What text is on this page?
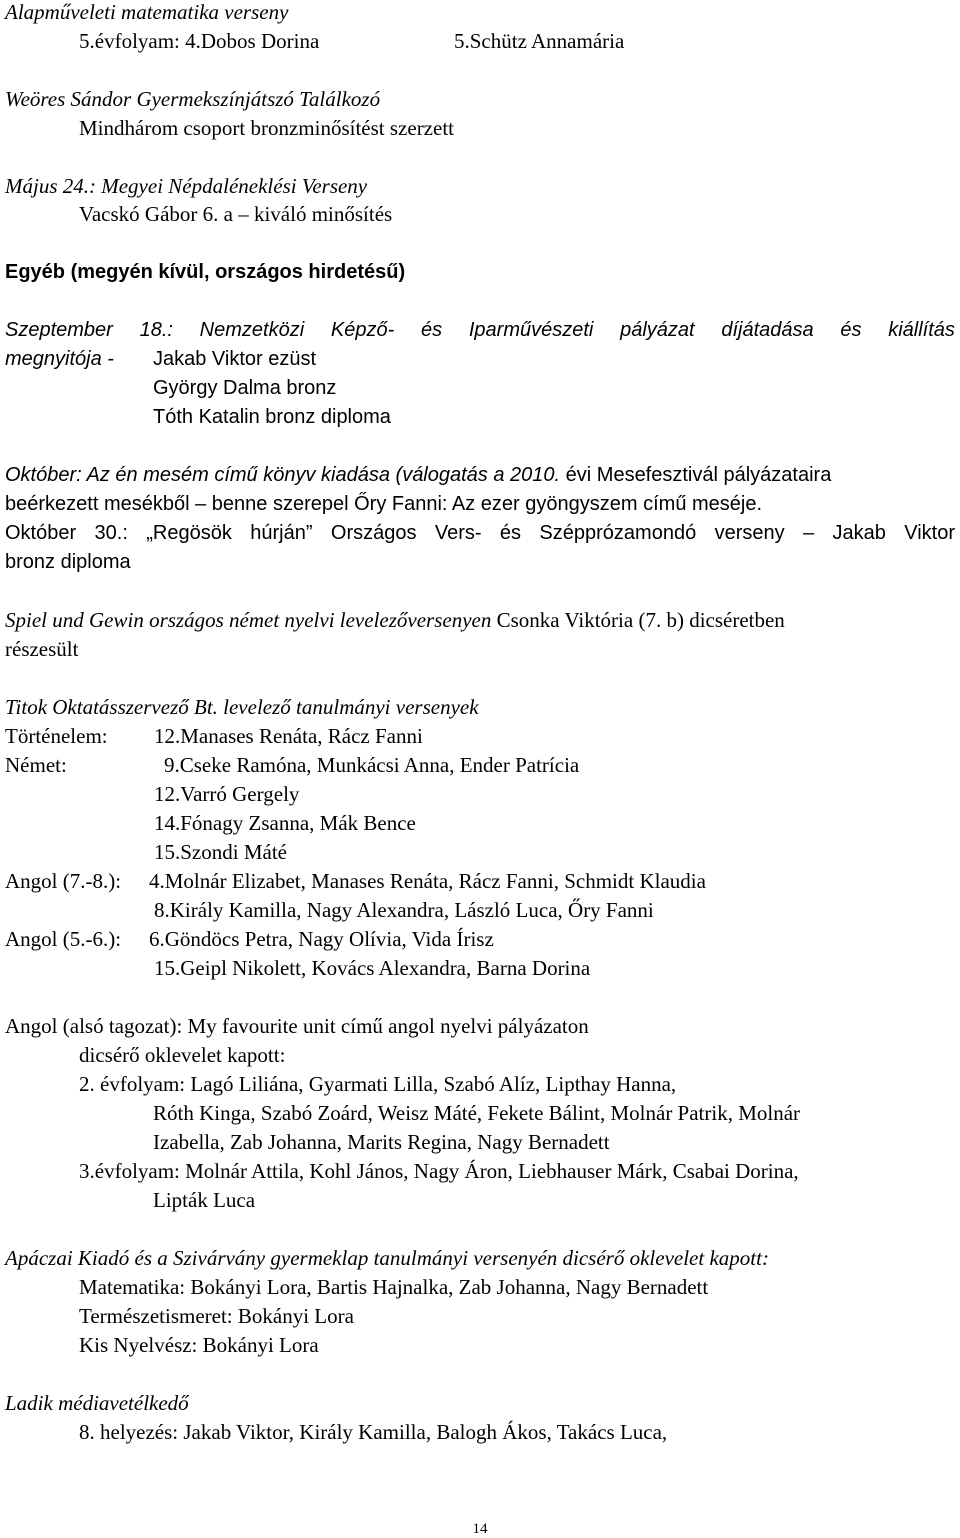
Alapműveleti matematika verseny
5.évfolyam: 4.Dobos Dorina	5.Schütz Annamária
Weöres Sándor Gyermekszínjátszó Találkozó
Mindhárom csoport bronzminősítést szerzett
Május 24.: Megyei Népdaléneklési Verseny
Vacskó Gábor 6. a – kiváló minősítés
Egyéb (megyén kívül, országos hirdetésű)
Szeptember 18.: Nemzetközi Képző- és Iparművészeti pályázat díjátadása és kiállítás
megnyitója - Jakab Viktor ezüst
György Dalma bronz
Tóth Katalin bronz diploma
Október: Az én mesém című könyv kiadása (válogatás a 2010. évi Mesefesztivál pályázataira
beérkezett mesékből – benne szerepel Őry Fanni: Az ezer gyöngyszem című meséje.
Október 30.: „Regösök húrján” Országos Vers- és Szépprózamondó verseny – Jakab Viktor
bronz diploma
Spiel und Gewin országos német nyelvi levelezőversenyen Csonka Viktória (7. b) dicséretben
részesült
Titok Oktatásszervező Bt. levelező tanulmányi versenyek
Történelem: 12.Manases Renáta, Rácz Fanni
Német:	9.Cseke Ramóna, Munkácsi Anna, Ender Patrícia
12.Varró Gergely
14.Fónagy Zsanna, Mák Bence
15.Szondi Máté
Angol (7.-8.): 4.Molnár Elizabet, Manases Renáta, Rácz Fanni, Schmidt Klaudia
8.Király Kamilla, Nagy Alexandra, László Luca, Őry Fanni
Angol (5.-6.): 6.Göndöcs Petra, Nagy Olívia, Vida Írisz
15.Geipl Nikolett, Kovács Alexandra, Barna Dorina
Angol (alsó tagozat): My favourite unit című angol nyelvi pályázaton
dicsérő oklevelet kapott:
2. évfolyam: Lagó Liliána, Gyarmati Lilla, Szabó Alíz, Lipthay Hanna,
Róth Kinga, Szabó Zoárd, Weisz Máté, Fekete Bálint, Molnár Patrik, Molnár
Izabella, Zab Johanna, Marits Regina, Nagy Bernadett
3.évfolyam: Molnár Attila, Kohl János, Nagy Áron, Liebhauser Márk, Csabai Dorina,
Lipták Luca
Apáczai Kiadó és a Szivárvány gyermeklap tanulmányi versenyén dicsérő oklevelet kapott:
Matematika: Bokányi Lora, Bartis Hajnalka, Zab Johanna, Nagy Bernadett
Természetismeret: Bokányi Lora
Kis Nyelvész: Bokányi Lora
Ladik médiavetélkedő
8. helyezés: Jakab Viktor, Király Kamilla, Balogh Ákos, Takács Luca,
14
